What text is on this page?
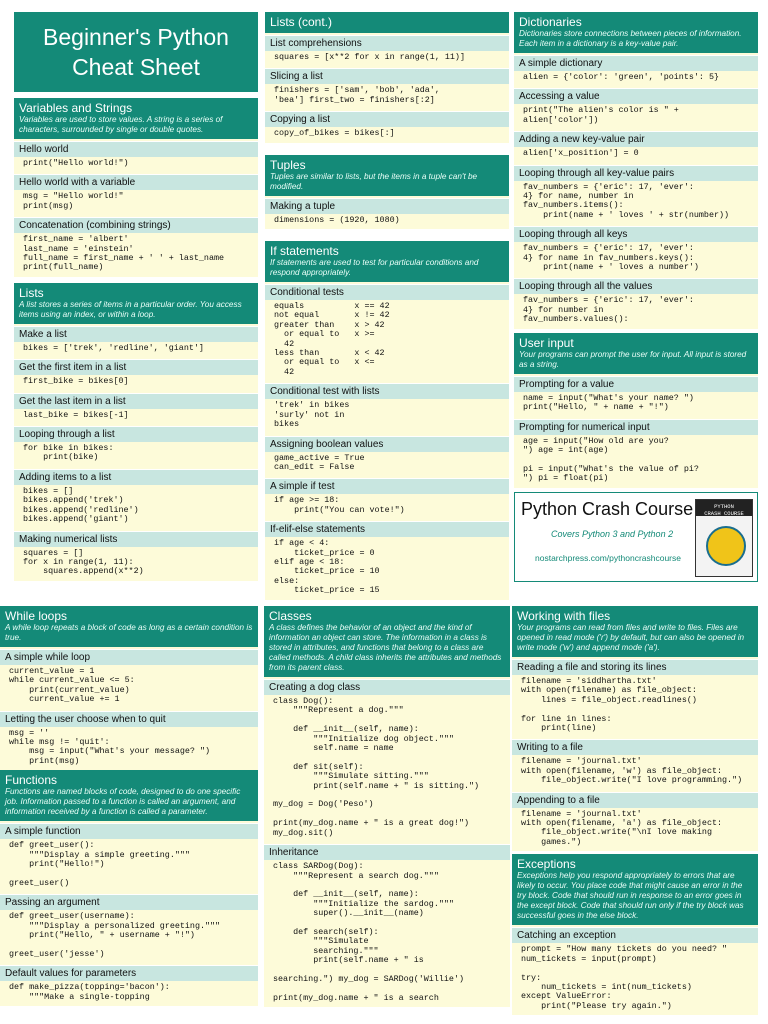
Beginner's Python
Cheat Sheet
Variables and Strings
Variables are used to store values. A string is a series of characters, surrounded by single or double quotes.
Hello world
print("Hello world!")
Hello world with a variable
msg = "Hello world!"
print(msg)
Concatenation (combining strings)
first_name = 'albert'
last_name = 'einstein'
full_name = first_name + ' ' + last_name
print(full_name)
Lists
A list stores a series of items in a particular order. You access items using an index, or within a loop.
Make a list
bikes = ['trek', 'redline', 'giant']
Get the first item in a list
first_bike = bikes[0]
Get the last item in a list
last_bike = bikes[-1]
Looping through a list
for bike in bikes:
print(bike)
Adding items to a list
bikes = []
bikes.append('trek')
bikes.append('redline')
bikes.append('giant')
Making numerical lists
squares = []
for x in range(1, 11):
squares.append(x**2)
Lists (cont.)
List comprehensions
squares = [x**2 for x in range(1, 11)]
Slicing a list
finishers = ['sam', 'bob', 'ada',
'bea'] first_two = finishers[:2]
Copying a list
copy_of_bikes = bikes[:]
Tuples
Tuples are similar to lists, but the items in a tuple can't be modified.
Making a tuple
dimensions = (1920, 1080)
If statements
If statements are used to test for particular conditions and respond appropriately.
Conditional tests
equals          x == 42
not equal       x != 42
greater than    x > 42
or equal to   x >=
42
less than       x < 42
or equal to   x <=
42
Conditional test with lists
'trek' in bikes
'surly' not in
bikes
Assigning boolean values
game_active = True
can_edit = False
A simple if test
if age >= 18:
print("You can vote!")
If-elif-else statements
if age < 4:
ticket_price = 0
elif age < 18:
ticket_price = 10
else:
ticket_price = 15
Dictionaries
Dictionaries store connections between pieces of information. Each item in a dictionary is a key-value pair.
A simple dictionary
alien = {'color': 'green', 'points': 5}
Accessing a value
print("The alien's color is " +
alien['color'])
Adding a new key-value pair
alien['x_position'] = 0
Looping through all key-value pairs
fav_numbers = {'eric': 17, 'ever':
4} for name, number in
fav_numbers.items():
print(name + ' loves ' + str(number))
Looping through all keys
fav_numbers = {'eric': 17, 'ever':
4} for name in fav_numbers.keys():
print(name + ' loves a number')
Looping through all the values
fav_numbers = {'eric': 17, 'ever':
4} for number in
fav_numbers.values():
User input
Your programs can prompt the user for input. All input is stored as a string.
Prompting for a value
name = input("What's your name? ")
print("Hello, " + name + "!")
Prompting for numerical input
age = input("How old are you?
") age = int(age)

pi = input("What's the value of pi?
") pi = float(pi)
Python Crash Course
Covers Python 3 and Python 2
nostarchpress.com/pythoncrashcourse
PYTHON
CRASH COURSE
While loops
A while loop repeats a block of code as long as a certain condition is true.
A simple while loop
current_value = 1
while current_value <= 5:
print(current_value)
current_value += 1
Letting the user choose when to quit
msg = ''
while msg != 'quit':
msg = input("What's your message? ")
print(msg)
Functions
Functions are named blocks of code, designed to do one specific job. Information passed to a function is called an argument, and information received by a function is called a parameter.
A simple function
def greet_user():
"""Display a simple greeting."""
print("Hello!")

greet_user()
Passing an argument
def greet_user(username):
"""Display a personalized greeting."""
print("Hello, " + username + "!")

greet_user('jesse')
Default values for parameters
def make_pizza(topping='bacon'):
"""Make a single-topping
Classes
A class defines the behavior of an object and the kind of information an object can store. The information in a class is stored in attributes, and functions that belong to a class are called methods. A child class inherits the attributes and methods from its parent class.
Creating a dog class
class Dog():
"""Represent a dog."""

def __init__(self, name):
"""Initialize dog object."""
self.name = name

def sit(self):
"""Simulate sitting."""
print(self.name + " is sitting.")

my_dog = Dog('Peso')

print(my_dog.name + " is a great dog!")
my_dog.sit()
Inheritance
class SARDog(Dog):
"""Represent a search dog."""

def __init__(self, name):
"""Initialize the sardog."""
super().__init__(name)

def search(self):
"""Simulate
searching."""
print(self.name + " is

searching.") my_dog = SARDog('Willie')

print(my_dog.name + " is a search
Working with files
Your programs can read from files and write to files. Files are opened in read mode ('r') by default, but can also be opened in write mode ('w') and append mode ('a').
Reading a file and storing its lines
filename = 'siddhartha.txt'
with open(filename) as file_object:
lines = file_object.readlines()

for line in lines:
print(line)
Writing to a file
filename = 'journal.txt'
with open(filename, 'w') as file_object:
file_object.write("I love programming.")
Appending to a file
filename = 'journal.txt'
with open(filename, 'a') as file_object:
file_object.write("\nI love making
games.")
Exceptions
Exceptions help you respond appropriately to errors that are likely to occur. You place code that might cause an error in the try block. Code that should run in response to an error goes in the except block. Code that should run only if the try block was successful goes in the else block.
Catching an exception
prompt = "How many tickets do you need? "
num_tickets = input(prompt)

try:
num_tickets = int(num_tickets)
except ValueError:
print("Please try again.")
